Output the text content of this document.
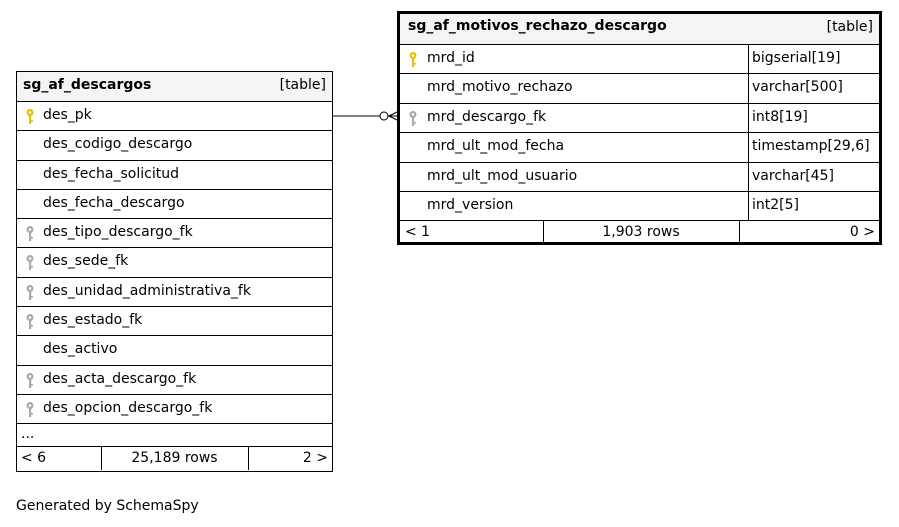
sg_af_descargos	[table]
des_pk
des_codigo_descargo
des_fecha_solicitud
des_fecha_descargo
des_tipo_descargo_fk
des_sede_fk
des_unidad_administrativa_fk
des_estado_fk
des_activo
des_acta_descargo_fk
des_opcion_descargo_fk
...
< 6	25,189 rows	2 >
sg_af_motivos_rechazo_descargo	[table]
mrd_id	bigserial[19]
mrd_motivo_rechazo	varchar[500]
mrd_descargo_fk	int8[19]
mrd_ult_mod_fecha	timestamp[29,6]
mrd_ult_mod_usuario	varchar[45]
mrd_version	int2[5]
< 1	1,903 rows	0 >
Generated by SchemaSpy
